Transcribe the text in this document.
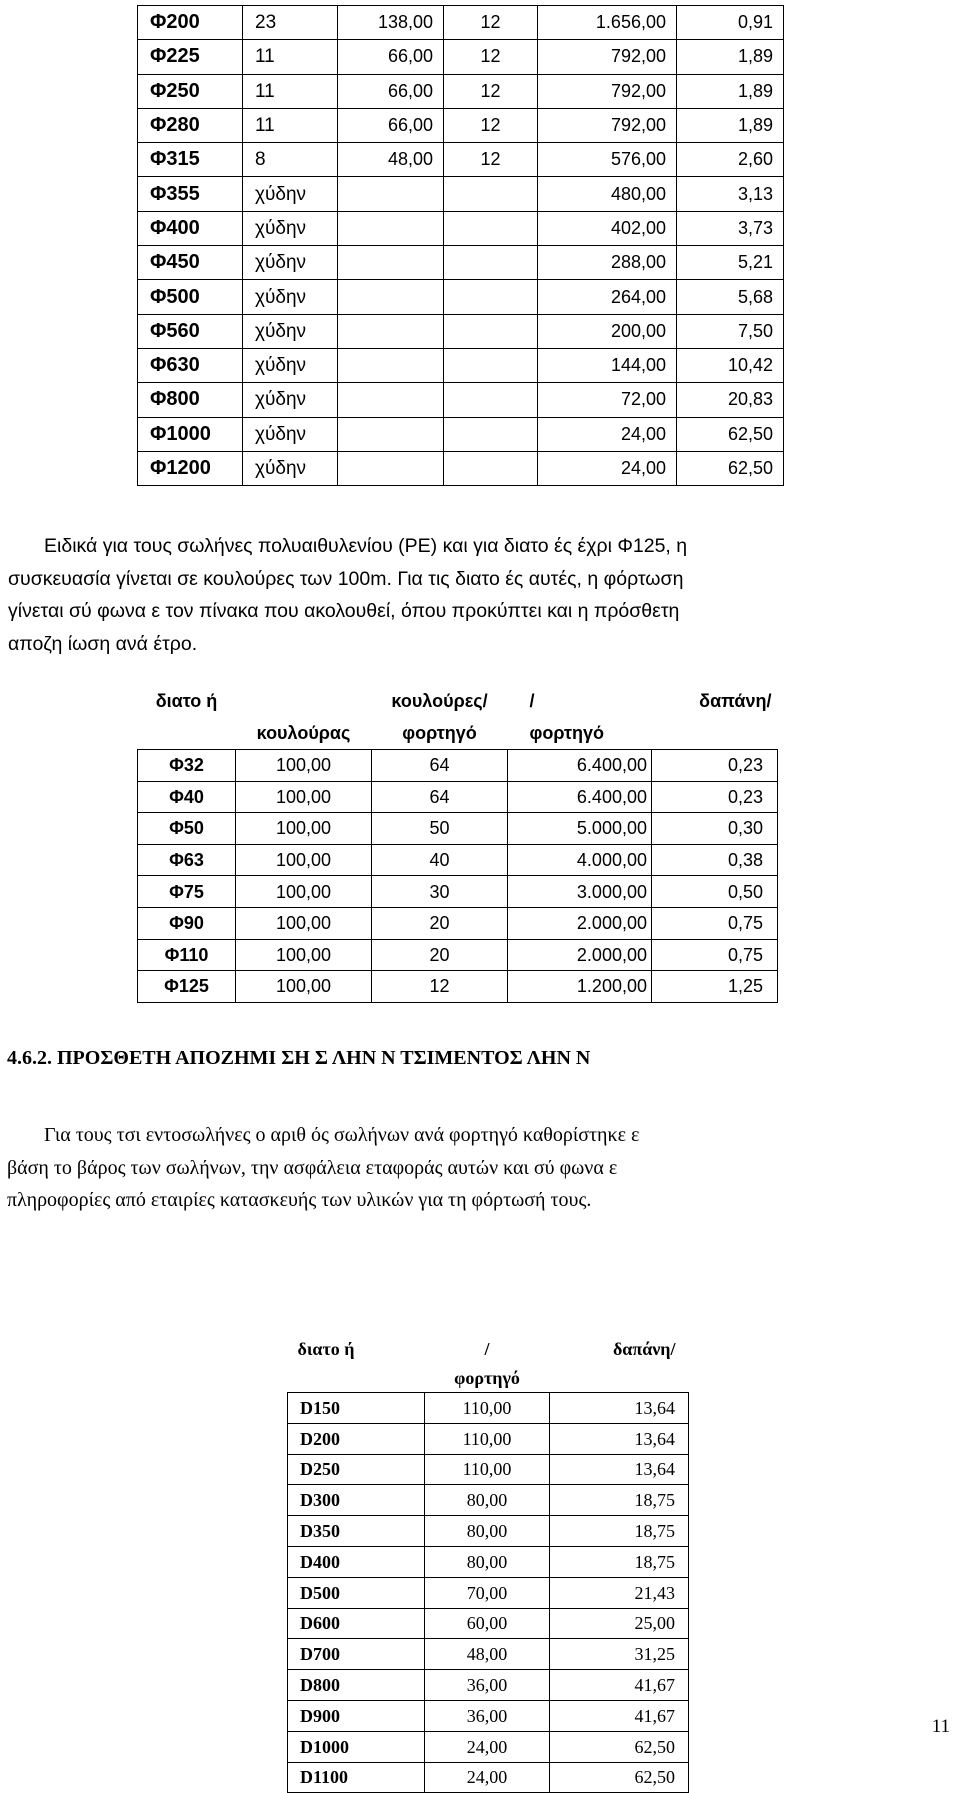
Φ200	23	138,00	12	1.656,00	0,91
Φ225	11	66,00	12	792,00	1,89
Φ250	11	66,00	12	792,00	1,89
Φ280	11	66,00	12	792,00	1,89
Φ315	8	48,00	12	576,00	2,60
Φ355	χύδην			480,00	3,13
Φ400	χύδην			402,00	3,73
Φ450	χύδην			288,00	5,21
Φ500	χύδην			264,00	5,68
Φ560	χύδην			200,00	7,50
Φ630	χύδην			144,00	10,42
Φ800	χύδην			72,00	20,83
Φ1000	χύδην			24,00	62,50
Φ1200	χύδην			24,00	62,50
Ειδικά για τους σωλήνες πολυαιθυλενίου (PE) και για διατο ές έχρι Φ125, η
συσκευασία γίνεται σε κουλούρες των 100m. Για τις διατο ές αυτές, η φόρτωση
γίνεται σύ φωνα ε τον πίνακα που ακολουθεί, όπου προκύπτει και η πρόσθετη
αποζη ίωση ανά έτρο.
διατο ή		κουλούρες/	/	δαπάνη/
	κουλούρας	φορτηγό	φορτηγό	
Φ32	100,00	64	6.400,00	0,23
Φ40	100,00	64	6.400,00	0,23
Φ50	100,00	50	5.000,00	0,30
Φ63	100,00	40	4.000,00	0,38
Φ75	100,00	30	3.000,00	0,50
Φ90	100,00	20	2.000,00	0,75
Φ110	100,00	20	2.000,00	0,75
Φ125	100,00	12	1.200,00	1,25
4.6.2. ΠΡΟΣΘΕΤΗ ΑΠΟΖΗΜΙ ΣΗ Σ ΛΗΝ Ν ΤΣΙΜΕΝΤΟΣ ΛΗΝ Ν
Για τους τσι εντοσωλήνες ο αριθ ός σωλήνων ανά φορτηγό καθορίστηκε ε
βάση το βάρος των σωλήνων, την ασφάλεια εταφοράς αυτών και σύ φωνα ε
πληροφορίες από εταιρίες κατασκευής των υλικών για τη φόρτωσή τους.
διατο ή	/	δαπάνη/
	φορτηγό	
D150	110,00	13,64
D200	110,00	13,64
D250	110,00	13,64
D300	80,00	18,75
D350	80,00	18,75
D400	80,00	18,75
D500	70,00	21,43
D600	60,00	25,00
D700	48,00	31,25
D800	36,00	41,67
D900	36,00	41,67
D1000	24,00	62,50
D1100	24,00	62,50
11
